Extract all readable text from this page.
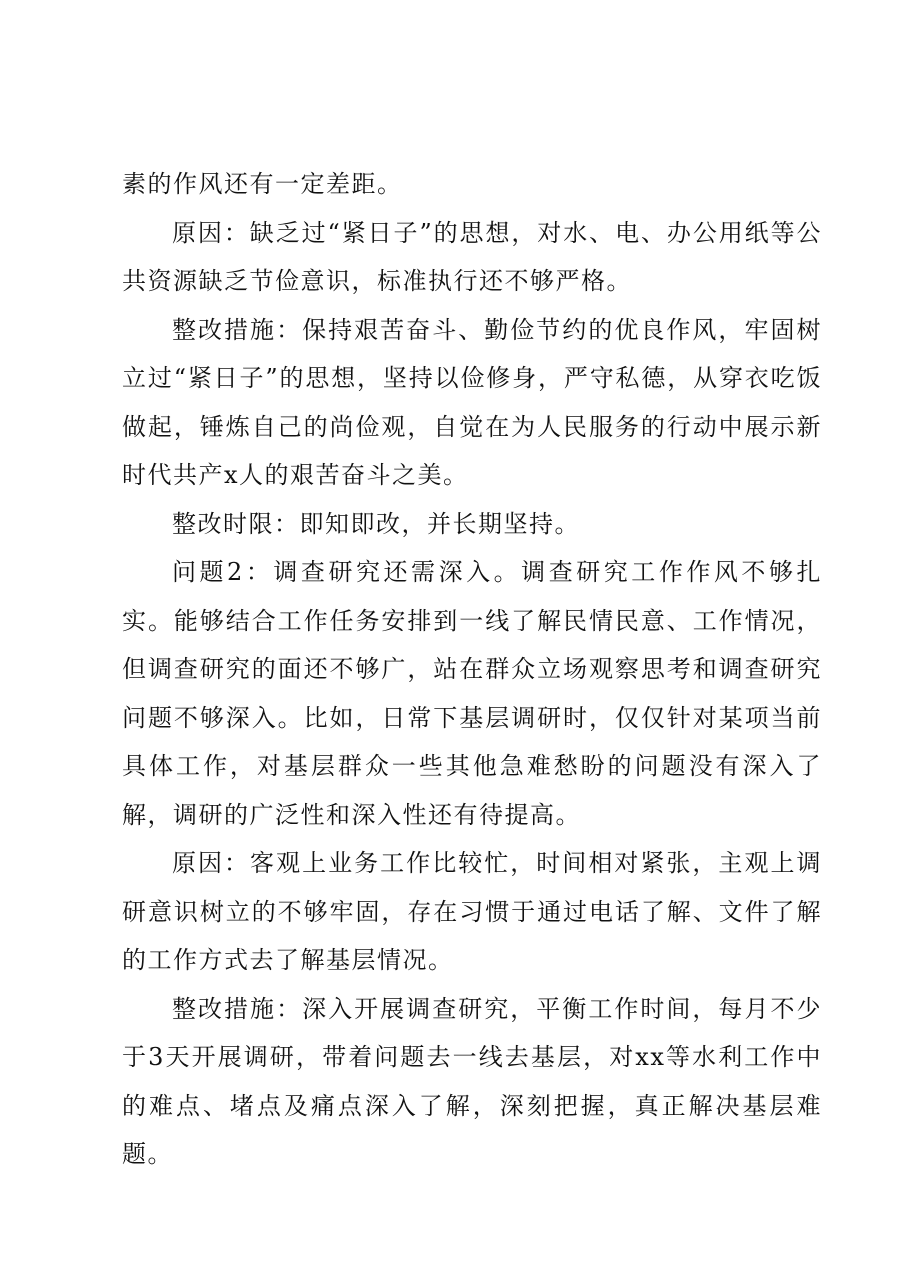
素的作风还有一定差距。

原因：缺乏过“紧日子”的思想，对水、电、办公用纸等公共资源缺乏节俭意识，标准执行还不够严格。

整改措施：保持艰苦奋斗、勤俭节约的优良作风，牢固树立过“紧日子”的思想，坚持以俭修身，严守私德，从穿衣吃饭做起，锤炼自己的尚俭观，自觉在为人民服务的行动中展示新时代共产x人的艰苦奋斗之美。

整改时限：即知即改，并长期坚持。

问题2：调查研究还需深入。调查研究工作作风不够扎实。能够结合工作任务安排到一线了解民情民意、工作情况，但调查研究的面还不够广，站在群众立场观察思考和调查研究问题不够深入。比如，日常下基层调研时，仅仅针对某项当前具体工作，对基层群众一些其他急难愁盼的问题没有深入了解，调研的广泛性和深入性还有待提高。

原因：客观上业务工作比较忙，时间相对紧张，主观上调研意识树立的不够牢固，存在习惯于通过电话了解、文件了解的工作方式去了解基层情况。

整改措施：深入开展调查研究，平衡工作时间，每月不少于3天开展调研，带着问题去一线去基层，对xx等水利工作中的难点、堵点及痛点深入了解，深刻把握，真正解决基层难题。
